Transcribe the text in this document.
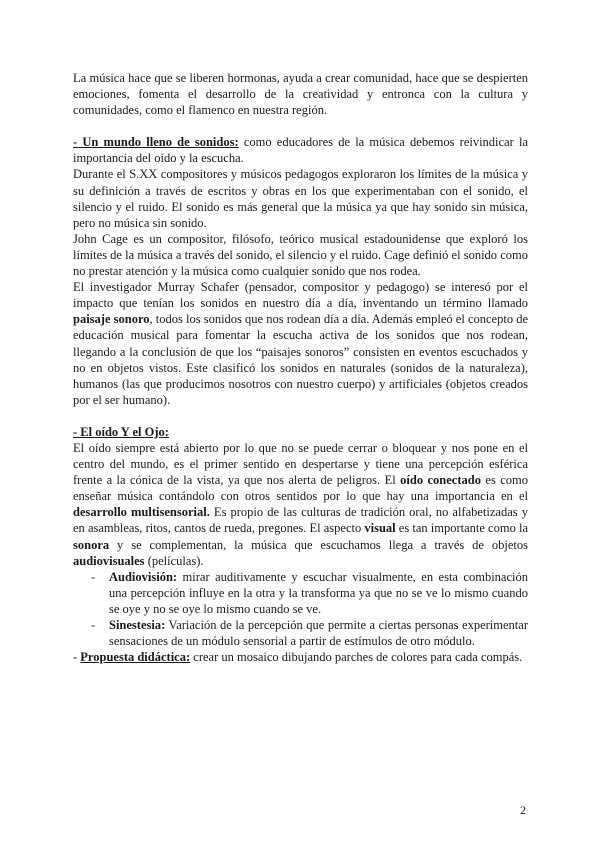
La música hace que se liberen hormonas, ayuda a crear comunidad, hace que se despierten emociones, fomenta el desarrollo de la creatividad y entronca con la cultura y comunidades, como el flamenco en nuestra región.

- Un mundo lleno de sonidos: como educadores de la música debemos reivindicar la importancia del oído y la escucha.

Durante el S.XX compositores y músicos pedagogos exploraron los límites de la música y su definición a través de escritos y obras en los que experimentaban con el sonido, el silencio y el ruido. El sonido es más general que la música ya que hay sonido sin música, pero no música sin sonido.

John Cage es un compositor, filósofo, teórico musical estadounidense que exploró los límites de la música a través del sonido, el silencio y el ruido. Cage definió el sonido como no prestar atención y la música como cualquier sonido que nos rodea.

El investigador Murray Schafer (pensador, compositor y pedagogo) se interesó por el impacto que tenían los sonidos en nuestro día a día, inventando un término llamado paisaje sonoro, todos los sonidos que nos rodean día a día. Además empleó el concepto de educación musical para fomentar la escucha activa de los sonidos que nos rodean, llegando a la conclusión de que los “paisajes sonoros” consisten en eventos escuchados y no en objetos vistos. Este clasificó los sonidos en naturales (sonidos de la naturaleza), humanos (las que producimos nosotros con nuestro cuerpo) y artificiales (objetos creados por el ser humano).

- El oído Y el Ojo:

El oído siempre está abierto por lo que no se puede cerrar o bloquear y nos pone en el centro del mundo, es el primer sentido en despertarse y tiene una percepción esférica frente a la cónica de la vista, ya que nos alerta de peligros. El oído conectado es como enseñar música contándolo con otros sentidos por lo que hay una importancia en el desarrollo multisensorial. Es propio de las culturas de tradición oral, no alfabetizadas y en asambleas, ritos, cantos de rueda, pregones. El aspecto visual es tan importante como la sonora y se complementan, la música que escuchamos llega a través de objetos audiovisuales (películas).

- Audiovisión: mirar auditivamente y escuchar visualmente, en esta combinación una percepción influye en la otra y la transforma ya que no se ve lo mismo cuando se oye y no se oye lo mismo cuando se ve.
- Sinestesia: Variación de la percepción que permite a ciertas personas experimentar sensaciones de un módulo sensorial a partir de estímulos de otro módulo.

- Propuesta didáctica: crear un mosaico dibujando parches de colores para cada compás.

2
